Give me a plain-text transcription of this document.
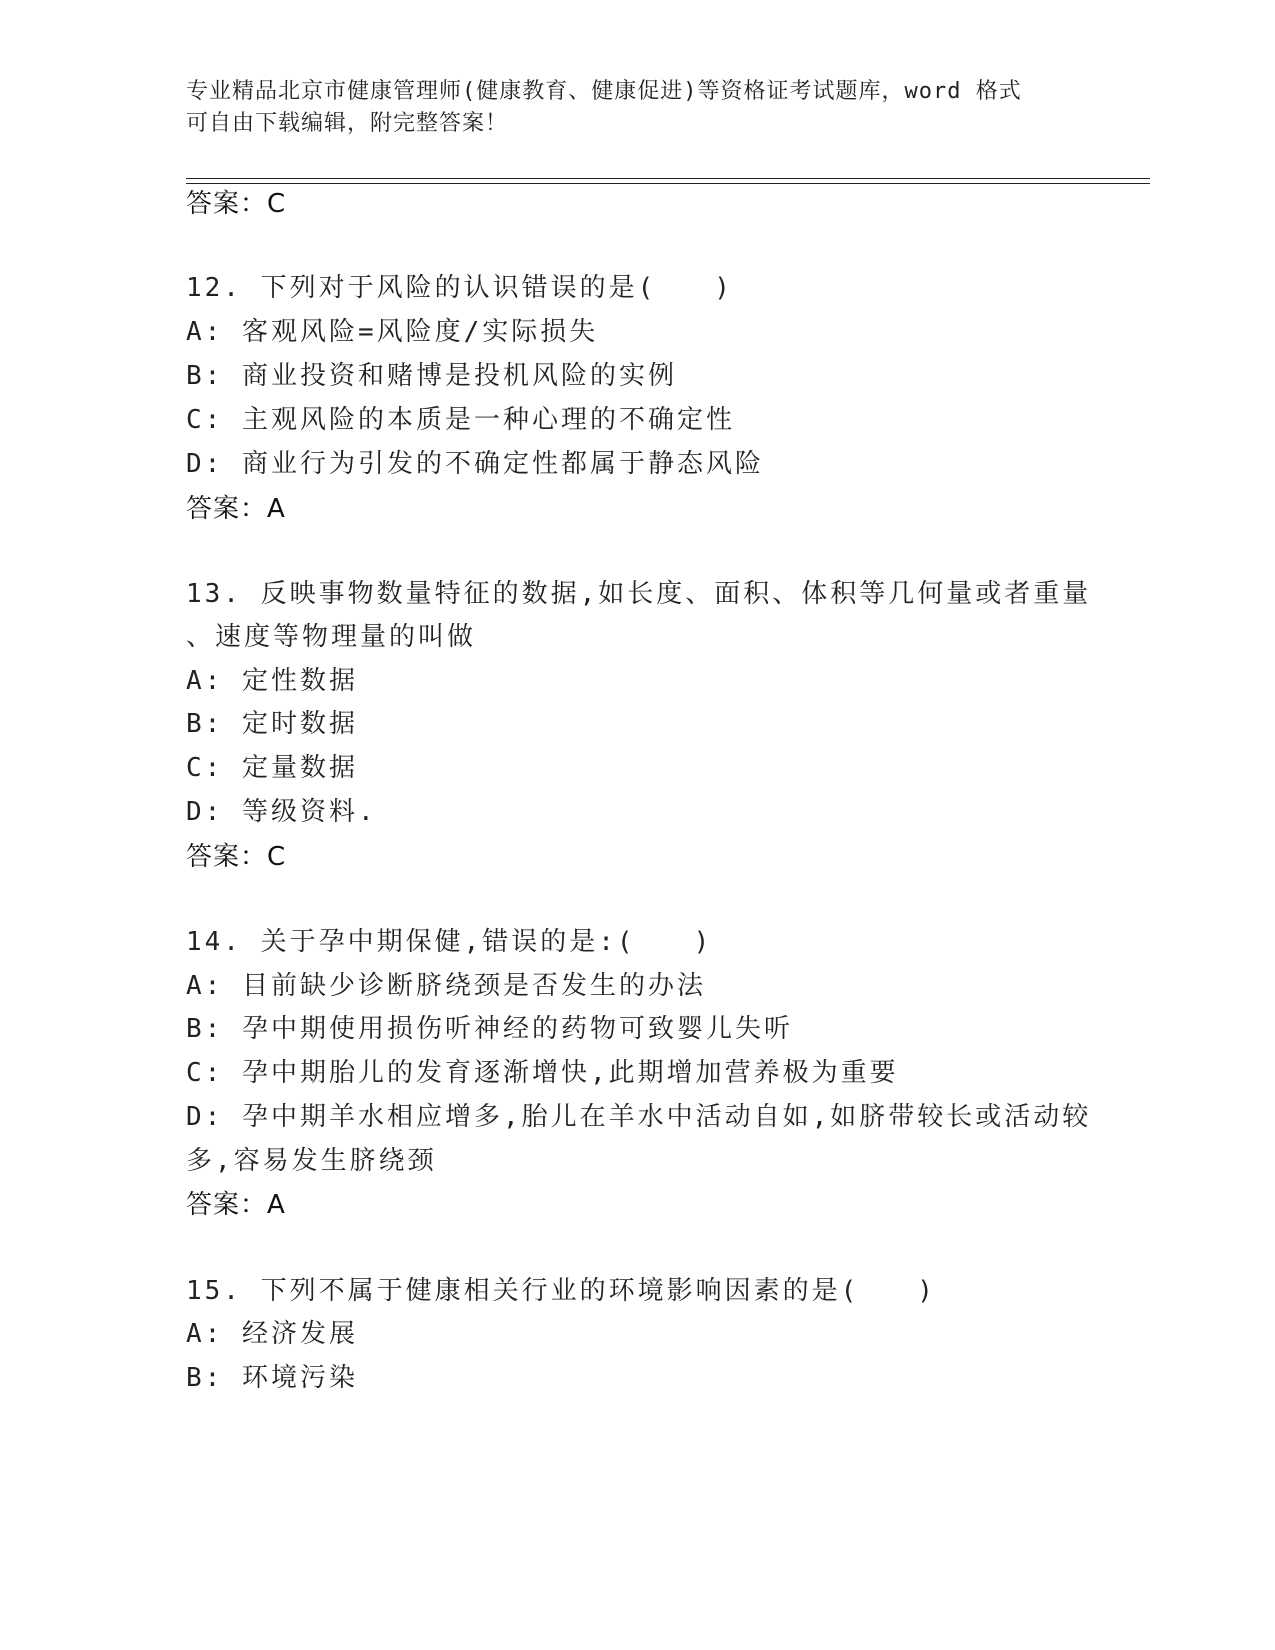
专业精品北京市健康管理师(健康教育、健康促进)等资格证考试题库，word 格式
可自由下载编辑，附完整答案！
答案：C
12. 下列对于风险的认识错误的是(　　)
A: 客观风险=风险度/实际损失
B: 商业投资和赌博是投机风险的实例
C: 主观风险的本质是一种心理的不确定性
D: 商业行为引发的不确定性都属于静态风险
答案：A
13. 反映事物数量特征的数据,如长度、面积、体积等几何量或者重量
、速度等物理量的叫做
A: 定性数据
B: 定时数据
C: 定量数据
D: 等级资料.
答案：C
14. 关于孕中期保健,错误的是:(　　)
A: 目前缺少诊断脐绕颈是否发生的办法
B: 孕中期使用损伤听神经的药物可致婴儿失听
C: 孕中期胎儿的发育逐渐增快,此期增加营养极为重要
D: 孕中期羊水相应增多,胎儿在羊水中活动自如,如脐带较长或活动较
多,容易发生脐绕颈
答案：A
15. 下列不属于健康相关行业的环境影响因素的是(　　)
A: 经济发展
B: 环境污染
